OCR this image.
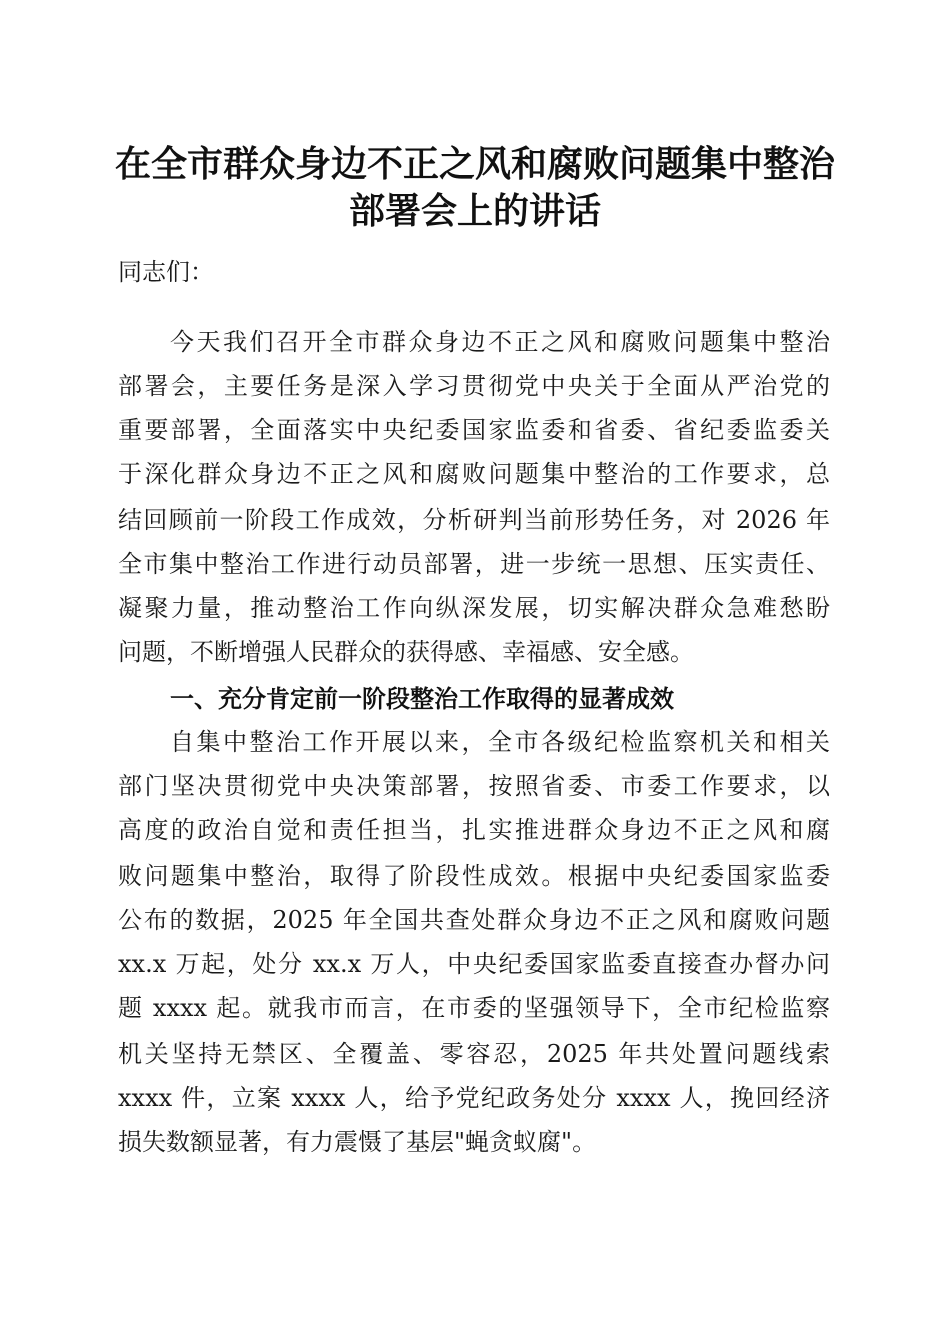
在全市群众身边不正之风和腐败问题集中整治
部署会上的讲话
同志们：
今天我们召开全市群众身边不正之风和腐败问题集中整治
部署会，主要任务是深入学习贯彻党中央关于全面从严治党的
重要部署，全面落实中央纪委国家监委和省委、省纪委监委关
于深化群众身边不正之风和腐败问题集中整治的工作要求，总
结回顾前一阶段工作成效，分析研判当前形势任务，对 2026 年
全市集中整治工作进行动员部署，进一步统一思想、压实责任、
凝聚力量，推动整治工作向纵深发展，切实解决群众急难愁盼
问题，不断增强人民群众的获得感、幸福感、安全感。
一、充分肯定前一阶段整治工作取得的显著成效
自集中整治工作开展以来，全市各级纪检监察机关和相关
部门坚决贯彻党中央决策部署，按照省委、市委工作要求，以
高度的政治自觉和责任担当，扎实推进群众身边不正之风和腐
败问题集中整治，取得了阶段性成效。根据中央纪委国家监委
公布的数据，2025 年全国共查处群众身边不正之风和腐败问题
xx.x 万起，处分 xx.x 万人，中央纪委国家监委直接查办督办问
题 xxxx 起。就我市而言，在市委的坚强领导下，全市纪检监察
机关坚持无禁区、全覆盖、零容忍，2025 年共处置问题线索
xxxx 件，立案 xxxx 人，给予党纪政务处分 xxxx 人，挽回经济
损失数额显著，有力震慑了基层"蝇贪蚁腐"。
